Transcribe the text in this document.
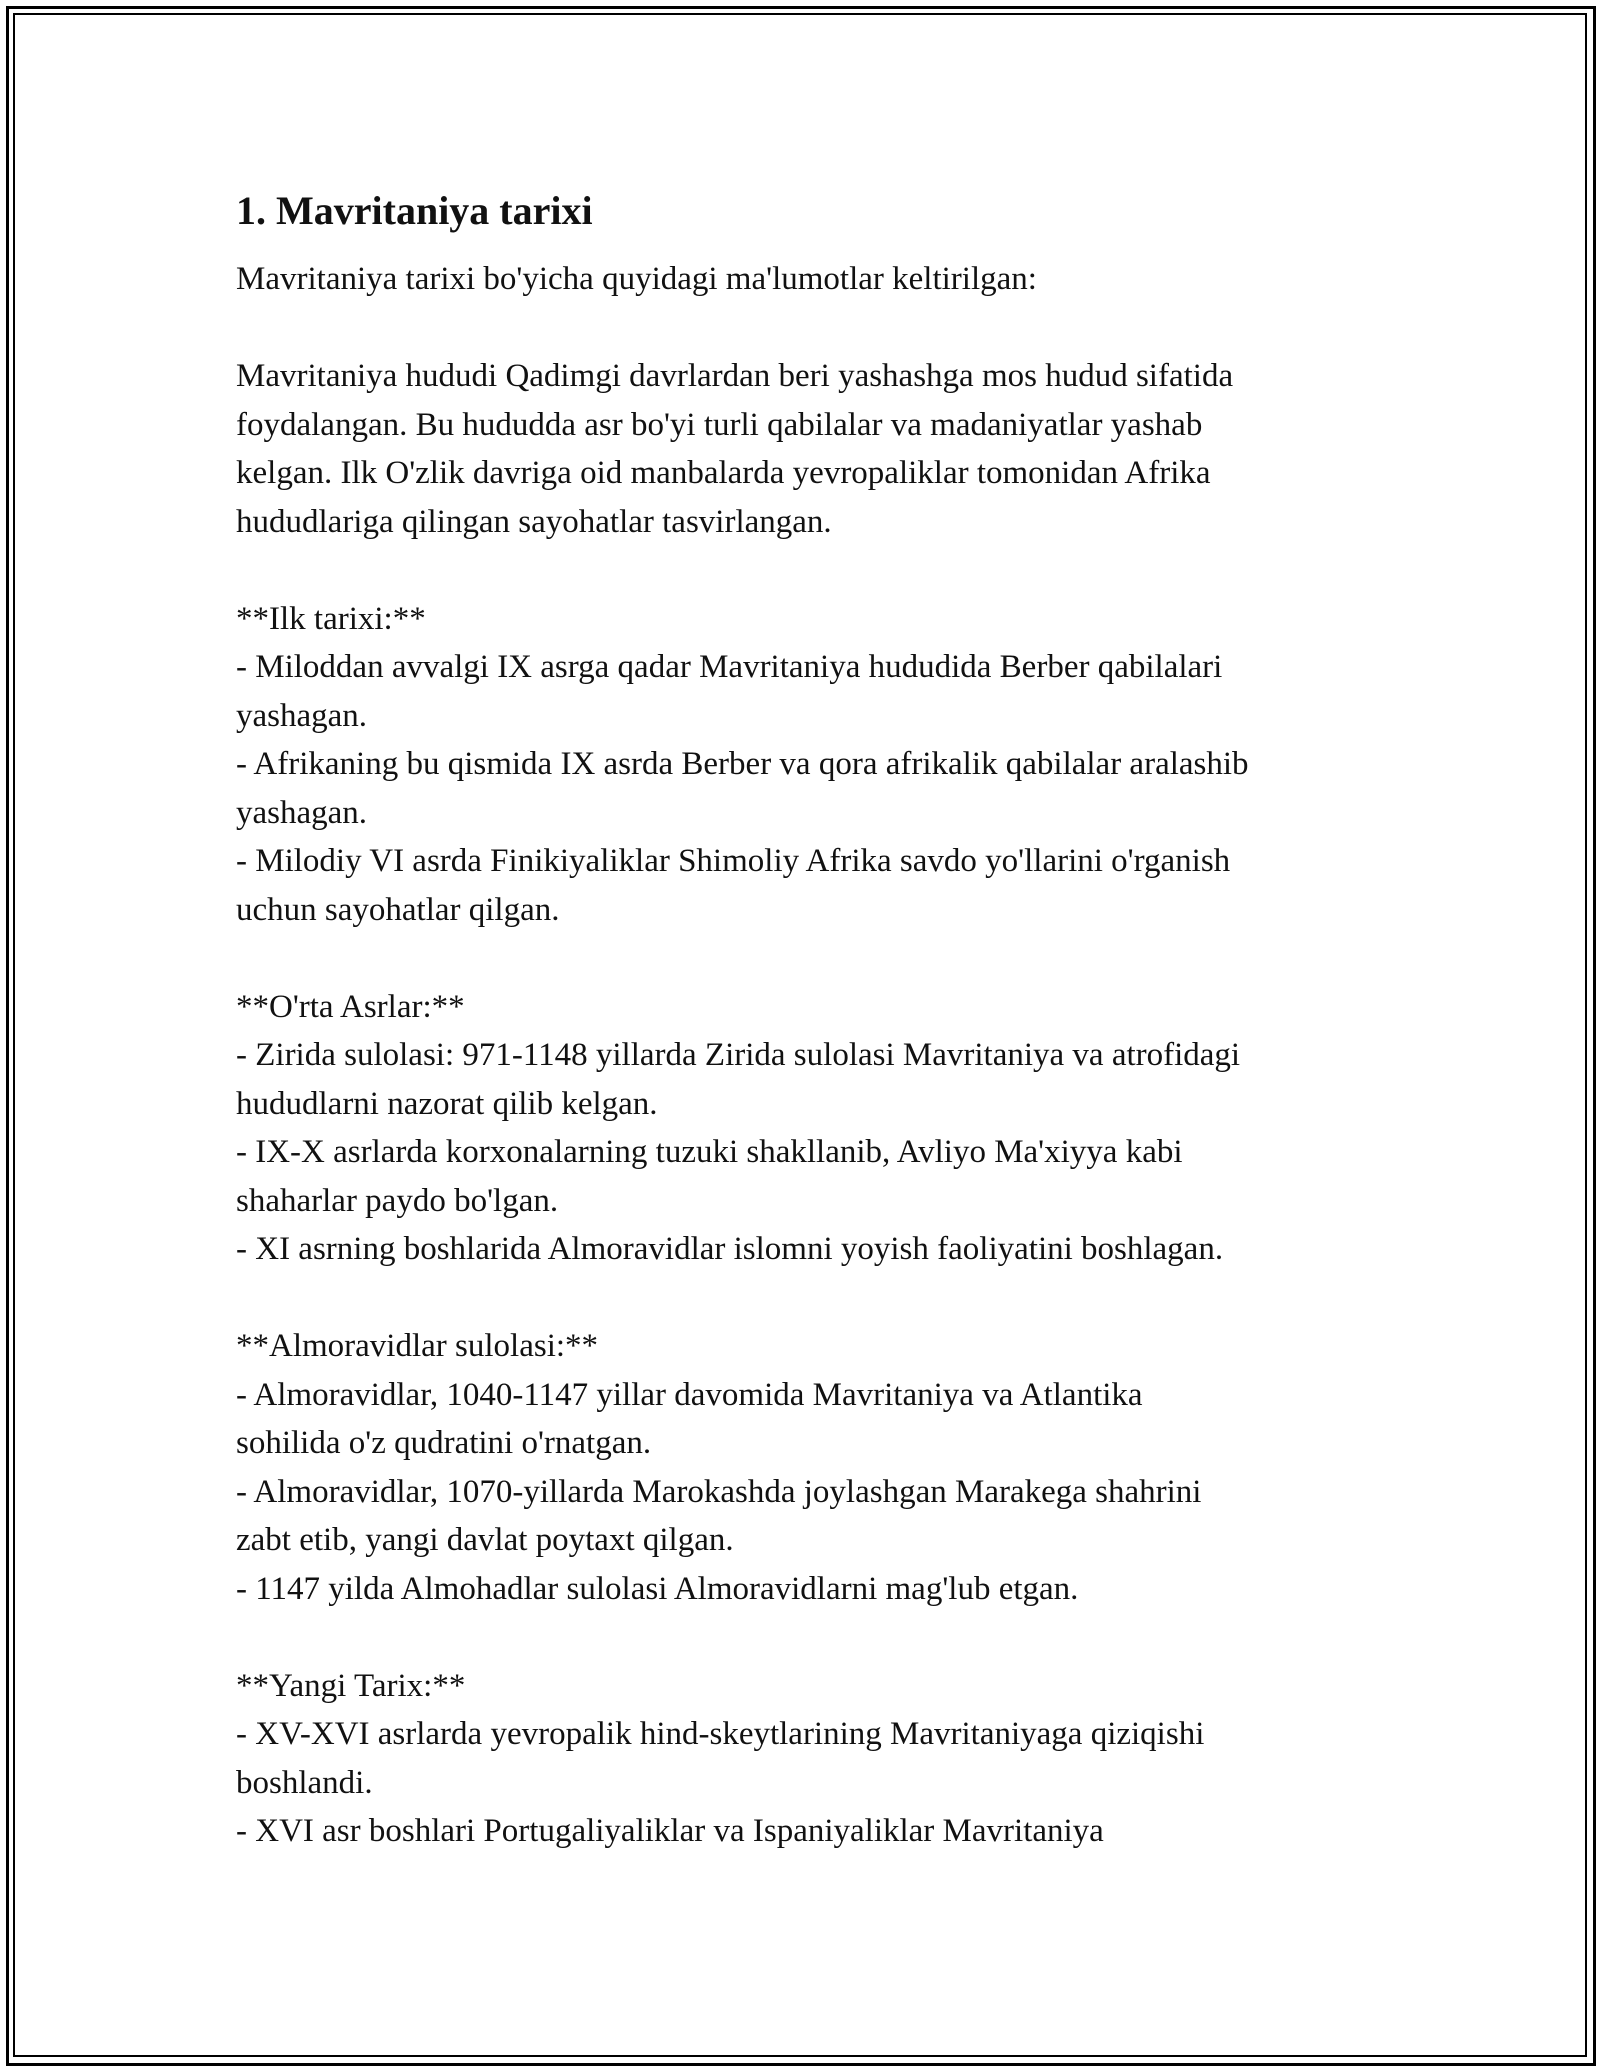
1. Mavritaniya tarixi
Mavritaniya tarixi bo'yicha quyidagi ma'lumotlar keltirilgan:
Mavritaniya hududi Qadimgi davrlardan beri yashashga mos hudud sifatida
foydalangan. Bu hududda asr bo'yi turli qabilalar va madaniyatlar yashab
kelgan. Ilk O'zlik davriga oid manbalarda yevropaliklar tomonidan Afrika
hududlariga qilingan sayohatlar tasvirlangan.
**Ilk tarixi:**
- Miloddan avvalgi IX asrga qadar Mavritaniya hududida Berber qabilalari
yashagan.
- Afrikaning bu qismida IX asrda Berber va qora afrikalik qabilalar aralashib
yashagan.
- Milodiy VI asrda Finikiyaliklar Shimoliy Afrika savdo yo'llarini o'rganish
uchun sayohatlar qilgan.
**O'rta Asrlar:**
- Zirida sulolasi: 971-1148 yillarda Zirida sulolasi Mavritaniya va atrofidagi
hududlarni nazorat qilib kelgan.
- IX-X asrlarda korxonalarning tuzuki shakllanib, Avliyo Ma'xiyya kabi
shaharlar paydo bo'lgan.
- XI asrning boshlarida Almoravidlar islomni yoyish faoliyatini boshlagan.
**Almoravidlar sulolasi:**
- Almoravidlar, 1040-1147 yillar davomida Mavritaniya va Atlantika
sohilida o'z qudratini o'rnatgan.
- Almoravidlar, 1070-yillarda Marokashda joylashgan Marakega shahrini
zabt etib, yangi davlat poytaxt qilgan.
- 1147 yilda Almohadlar sulolasi Almoravidlarni mag'lub etgan.
**Yangi Tarix:**
- XV-XVI asrlarda yevropalik hind-skeytlarining Mavritaniyaga qiziqishi
boshlandi.
- XVI asr boshlari Portugaliyaliklar va Ispaniyaliklar Mavritaniya
